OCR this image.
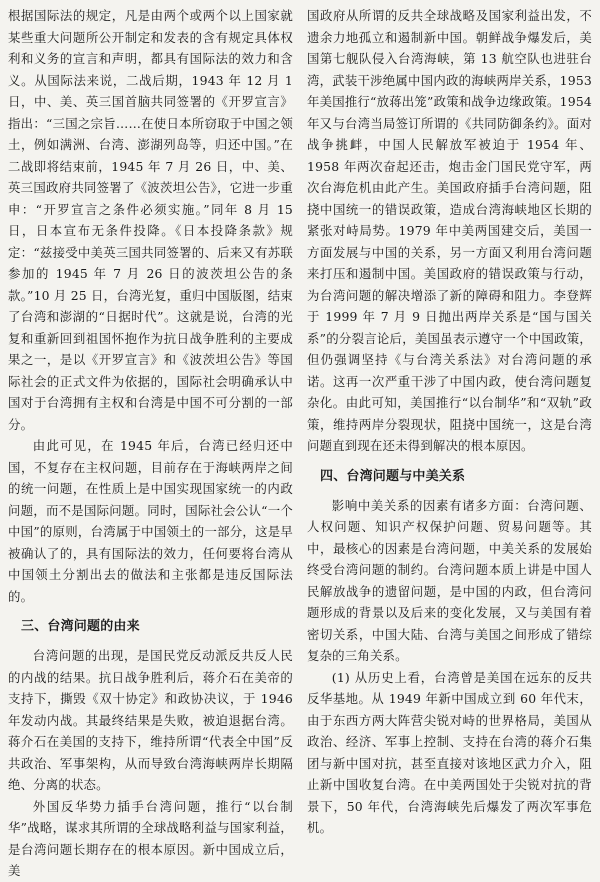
根据国际法的规定，凡是由两个或两个以上国家就某些重大问题所公开制定和发表的含有规定具体权利和义务的宣言和声明，都具有国际法的效力和含义。从国际法来说，二战后期，1943 年 12 月 1 日，中、美、英三国首脑共同签署的《开罗宣言》指出：“三国之宗旨……在使日本所窃取于中国之领土，例如满洲、台湾、澎湖列岛等，归还中国。”在二战即将结束前，1945 年 7 月 26 日，中、美、英三国政府共同签署了《波茨坦公告》，它进一步重申：“开罗宣言之条件必须实施。”同年 8 月 15 日，日本宣布无条件投降。《日本投降条款》规定：“兹接受中美英三国共同签署的、后来又有苏联参加的 1945 年 7 月 26 日的波茨坦公告的条款。”10 月 25 日，台湾光复，重归中国版图，结束了台湾和澎湖的“日据时代”。这就是说，台湾的光复和重新回到祖国怀抱作为抗日战争胜利的主要成果之一，是以《开罗宣言》和《波茨坦公告》等国际社会的正式文件为依据的，国际社会明确承认中国对于台湾拥有主权和台湾是中国不可分割的一部分。

由此可见，在 1945 年后，台湾已经归还中国，不复存在主权问题，目前存在于海峡两岸之间的统一问题，在性质上是中国实现国家统一的内政问题，而不是国际问题。同时，国际社会公认“一个中国”的原则，台湾属于中国领土的一部分，这是早被确认了的，具有国际法的效力，任何要将台湾从中国领土分割出去的做法和主张都是违反国际法的。

三、台湾问题的由来

台湾问题的出现，是国民党反动派反共反人民的内战的结果。抗日战争胜利后，蒋介石在美帝的支持下，撕毁《双十协定》和政协决议，于 1946 年发动内战。其最终结果是失败，被迫退据台湾。蒋介石在美国的支持下，维持所谓“代表全中国”反共政治、军事架构，从而导致台湾海峡两岸长期隔绝、分离的状态。

外国反华势力插手台湾问题，推行“以台制华”战略，谋求其所谓的全球战略利益与国家利益，是台湾问题长期存在的根本原因。新中国成立后，美

国政府从所谓的反共全球战略及国家利益出发，不遗余力地孤立和遏制新中国。朝鲜战争爆发后，美国第七舰队侵入台湾海峡，第 13 航空队也进驻台湾，武装干涉绝属中国内政的海峡两岸关系，1953 年美国推行“放蒋出笼”政策和战争边缘政策。1954 年又与台湾当局签订所谓的《共同防御条约》。面对战争挑衅，中国人民解放军被迫于 1954 年、1958 年两次奋起还击，炮击金门国民党守军，两次台海危机由此产生。美国政府插手台湾问题，阻挠中国统一的错误政策，造成台湾海峡地区长期的紧张对峙局势。1979 年中美两国建交后，美国一方面发展与中国的关系，另一方面又利用台湾问题来打压和遏制中国。美国政府的错误政策与行动，为台湾问题的解决增添了新的障碍和阻力。李登辉于 1999 年 7 月 9 日抛出两岸关系是“国与国关系”的分裂言论后，美国虽表示遵守一个中国政策，但仍强调坚持《与台湾关系法》对台湾问题的承诺。这再一次严重干涉了中国内政，使台湾问题复杂化。由此可知，美国推行“以台制华”和“双轨”政策，维持两岸分裂现状，阻挠中国统一，这是台湾问题直到现在还未得到解决的根本原因。

四、台湾问题与中美关系

影响中美关系的因素有诸多方面：台湾问题、人权问题、知识产权保护问题、贸易问题等。其中，最核心的因素是台湾问题，中美关系的发展始终受台湾问题的制约。台湾问题本质上讲是中国人民解放战争的遗留问题，是中国的内政，但台湾问题形成的背景以及后来的变化发展，又与美国有着密切关系，中国大陆、台湾与美国之间形成了错综复杂的三角关系。

(1) 从历史上看，台湾曾是美国在远东的反共反华基地。从 1949 年新中国成立到 60 年代末，由于东西方两大阵营尖锐对峙的世界格局，美国从政治、经济、军事上控制、支持在台湾的蒋介石集团与新中国对抗，甚至直接对该地区武力介入，阻止新中国收复台湾。在中美两国处于尖锐对抗的背景下，50 年代，台湾海峡先后爆发了两次军事危机。
